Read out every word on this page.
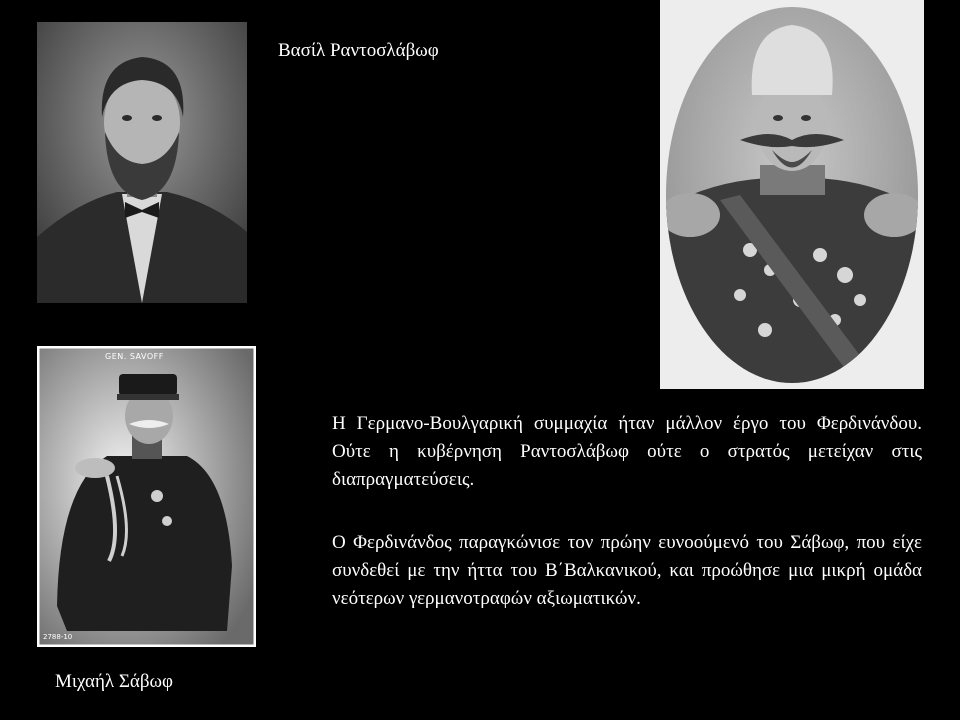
Βασίλ Ραντοσλάβωφ
GEN. SAVOFF
2788-10
Μιχαήλ Σάβωφ
Η Γερμανο-Βουλγαρική συμμαχία ήταν μάλλον έργο του Φερδινάνδου. Ούτε η κυβέρνηση Ραντοσλάβωφ ούτε ο στρατός μετείχαν στις διαπραγματεύσεις.
Ο Φερδινάνδος παραγκώνισε τον πρώην ευνοούμενό του Σάβωφ, που είχε συνδεθεί με την ήττα του Β΄Βαλκανικού, και προώθησε μια μικρή ομάδα νεότερων γερμανοτραφών αξιωματικών.
